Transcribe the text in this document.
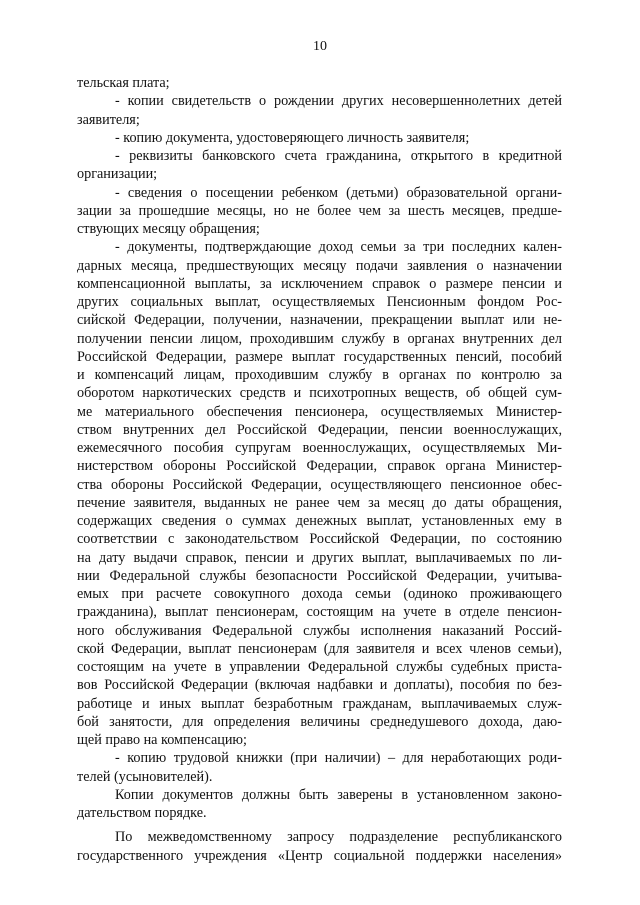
10
тельская плата;
- копии свидетельств о рождении других несовершеннолетних детей
заявителя;
- копию документа, удостоверяющего личность заявителя;
- реквизиты банковского счета гражданина, открытого в кредитной
организации;
- сведения о посещении ребенком (детьми) образовательной органи-
зации за прошедшие месяцы, но не более чем за шесть месяцев, предше-
ствующих месяцу обращения;
- документы, подтверждающие доход семьи за три последних кален-
дарных месяца, предшествующих месяцу подачи заявления о назначении
компенсационной выплаты, за исключением справок о размере пенсии и
других социальных выплат, осуществляемых Пенсионным фондом Рос-
сийской Федерации, получении, назначении, прекращении выплат или не-
получении пенсии лицом, проходившим службу в органах внутренних дел
Российской Федерации, размере выплат государственных пенсий, пособий
и компенсаций лицам, проходившим службу в органах по контролю за
оборотом наркотических средств и психотропных веществ, об общей сум-
ме материального обеспечения пенсионера, осуществляемых Министер-
ством внутренних дел Российской Федерации, пенсии военнослужащих,
ежемесячного пособия супругам военнослужащих, осуществляемых Ми-
нистерством обороны Российской Федерации, справок органа Министер-
ства обороны Российской Федерации, осуществляющего пенсионное обес-
печение заявителя, выданных не ранее чем за месяц до даты обращения,
содержащих сведения о суммах денежных выплат, установленных ему в
соответствии с законодательством Российской Федерации, по состоянию
на дату выдачи справок, пенсии и других выплат, выплачиваемых по ли-
нии Федеральной службы безопасности Российской Федерации, учитыва-
емых при расчете совокупного дохода семьи (одиноко проживающего
гражданина), выплат пенсионерам, состоящим на учете в отделе пенсион-
ного обслуживания Федеральной службы исполнения наказаний Россий-
ской Федерации, выплат пенсионерам (для заявителя и всех членов семьи),
состоящим на учете в управлении Федеральной службы судебных приста-
вов Российской Федерации (включая надбавки и доплаты), пособия по без-
работице и иных выплат безработным гражданам, выплачиваемых служ-
бой занятости, для определения величины среднедушевого дохода, даю-
щей право на компенсацию;
- копию трудовой книжки (при наличии) – для неработающих роди-
телей (усыновителей).
Копии документов должны быть заверены в установленном законо-
дательством порядке.
По межведомственному запросу подразделение республиканского
государственного учреждения «Центр социальной поддержки населения»
